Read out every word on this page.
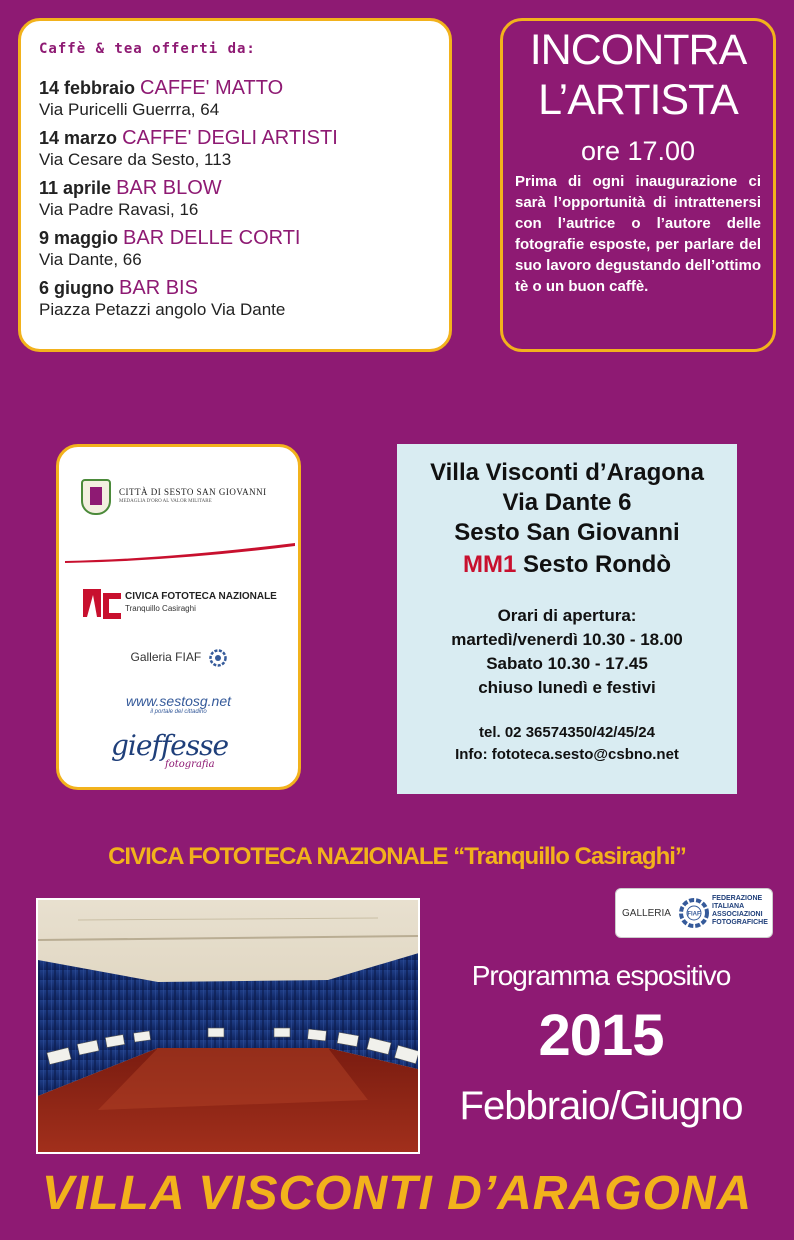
Caffè & tea offerti da:
14 febbraio CAFFE' MATTO
Via Puricelli Guerrra, 64
14 marzo CAFFE' DEGLI ARTISTI
Via Cesare da Sesto, 113
11 aprile BAR BLOW
Via Padre Ravasi, 16
9 maggio BAR DELLE CORTI
Via Dante, 66
6 giugno BAR BIS
Piazza Petazzi angolo Via Dante
INCONTRA
L’ARTISTA
ore 17.00
Prima di ogni inaugurazione ci sarà l’opportunità di intrattenersi con l’autrice o l’autore delle fotografie esposte, per parlare del suo lavoro degustando dell’ottimo tè o un buon caffè.
CITTÀ DI SESTO SAN GIOVANNI
MEDAGLIA D'ORO AL VALOR MILITARE
CIVICA FOTOTECA NAZIONALE
Tranquillo Casiraghi
Galleria FIAF
www.sestosg.net
il portale del cittadino
gieffesse
fotografia
Villa Visconti d’Aragona
Via Dante 6
Sesto San Giovanni
MM1 Sesto Rondò
Orari di apertura:
martedì/venerdì 10.30 - 18.00
Sabato 10.30 - 17.45
chiuso lunedì e festivi
tel. 02 36574350/42/45/24
Info: fototeca.sesto@csbno.net
CIVICA FOTOTECA NAZIONALE “Tranquillo Casiraghi”
GALLERIA	FIAF
FEDERAZIONE ITALIANA ASSOCIAZIONI FOTOGRAFICHE
Programma espositivo
2015
Febbraio/Giugno
VILLA VISCONTI D’ARAGONA
